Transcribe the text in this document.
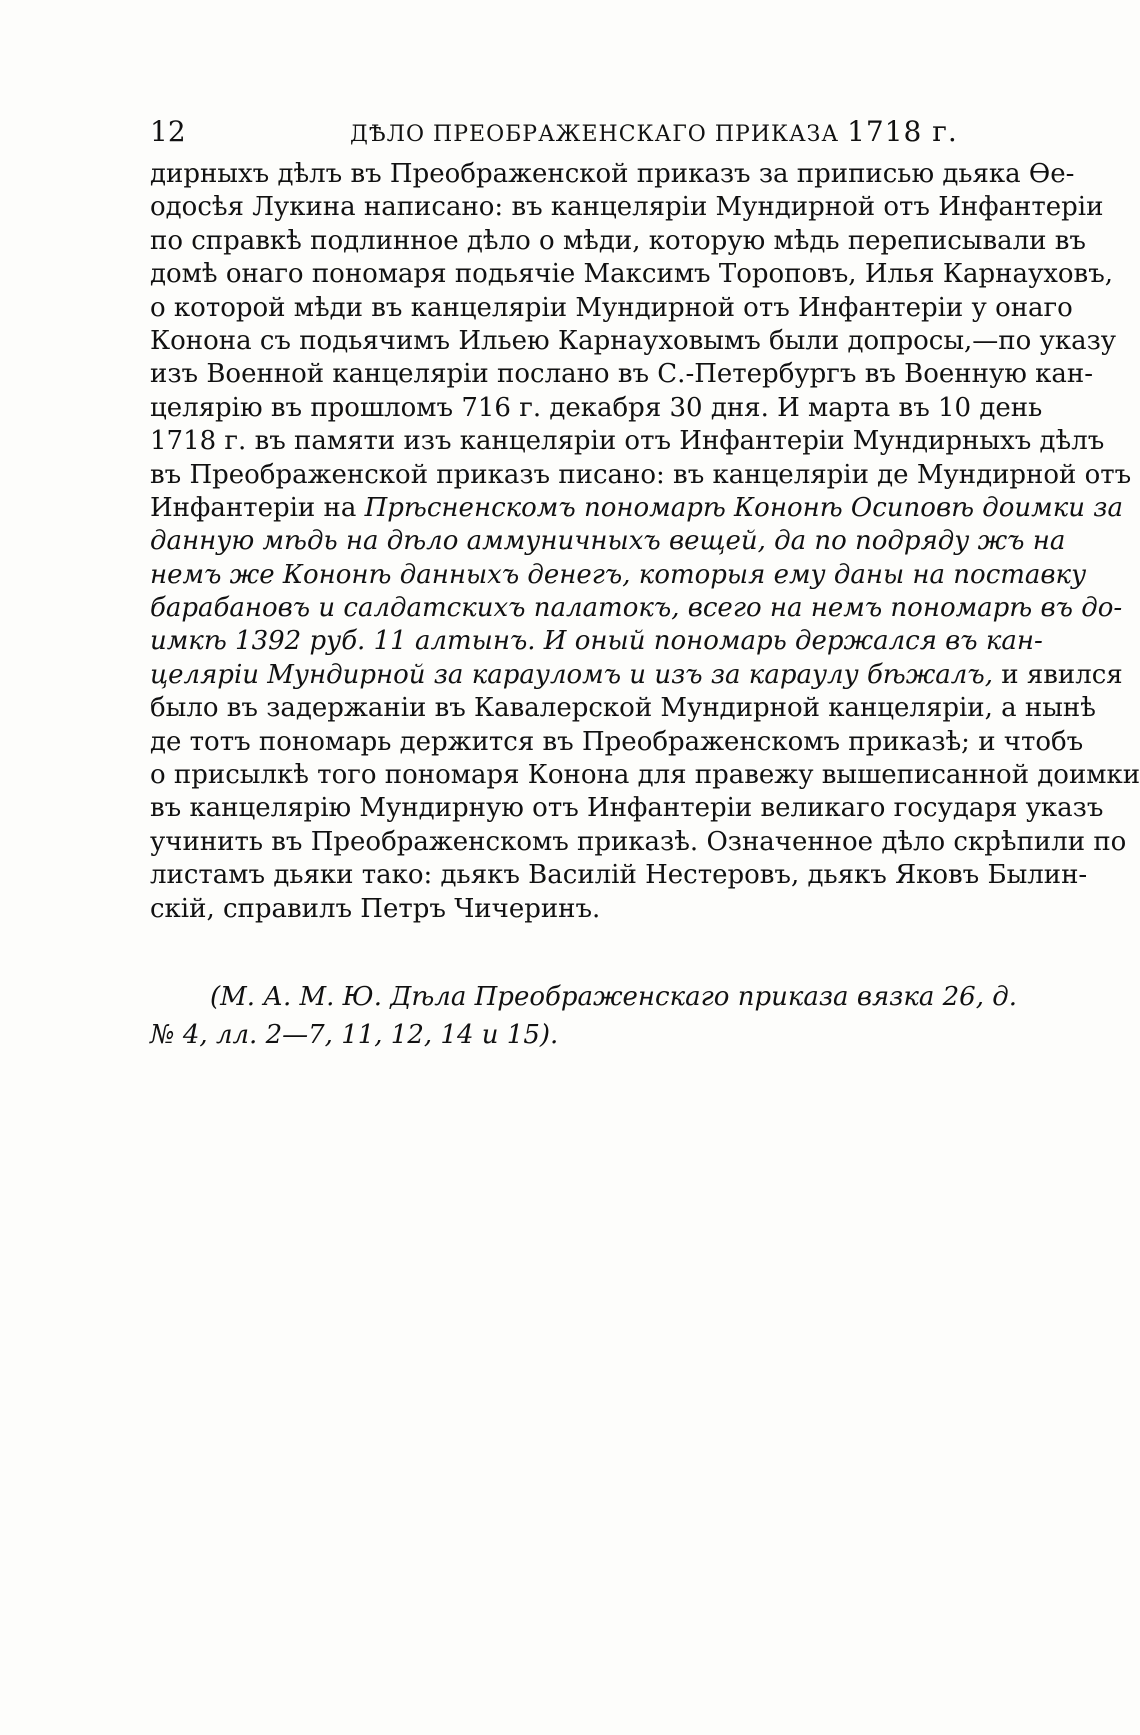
12	ДѢЛО ПРЕОБРАЖЕНСКАГО ПРИКАЗА 1718 г.
дирныхъ дѣлъ въ Преображенской приказъ за приписью дьяка Ѳе-
одосѣя Лукина написано: въ канцеляріи Мундирной отъ Инфантеріи
по справкѣ подлинное дѣло о мѣди, которую мѣдь переписывали въ
домѣ онаго пономаря подьячіе Максимъ Тороповъ, Илья Карнауховъ,
о которой мѣди въ канцеляріи Мундирной отъ Инфантеріи у онаго
Конона съ подьячимъ Ильею Карнауховымъ были допросы,—по указу
изъ Военной канцеляріи послано въ С.-Петербургъ въ Военную кан-
целярію въ прошломъ 716 г. декабря 30 дня. И марта въ 10 день
1718 г. въ памяти изъ канцеляріи отъ Инфантеріи Мундирныхъ дѣлъ
въ Преображенской приказъ писано: въ канцеляріи де Мундирной отъ
Инфантеріи на Прѣсненскомъ пономарѣ Кононѣ Осиповѣ доимки за
данную мѣдь на дѣло аммуничныхъ вещей, да по подряду жъ на
немъ же Кононѣ данныхъ денегъ, которыя ему даны на поставку
барабановъ и салдатскихъ палатокъ, всего на немъ пономарѣ въ до-
имкѣ 1392 руб. 11 алтынъ. И оный пономарь держался въ кан-
целяріи Мундирной за карауломъ и изъ за караулу бѣжалъ, и явился
было въ задержаніи въ Кавалерской Мундирной канцеляріи, а нынѣ
де тотъ пономарь держится въ Преображенскомъ приказѣ; и чтобъ
о присылкѣ того пономаря Конона для правежу вышеписанной доимки
въ канцелярію Мундирную отъ Инфантеріи великаго государя указъ
учинить въ Преображенскомъ приказѣ. Означенное дѣло скрѣпили по
листамъ дьяки тако: дьякъ Василій Нестеровъ, дьякъ Яковъ Былин-
скій, справилъ Петръ Чичеринъ.
(М. А. М. Ю. Дѣла Преображенскаго приказа вязка 26, д.
№ 4, лл. 2—7, 11, 12, 14 и 15).
